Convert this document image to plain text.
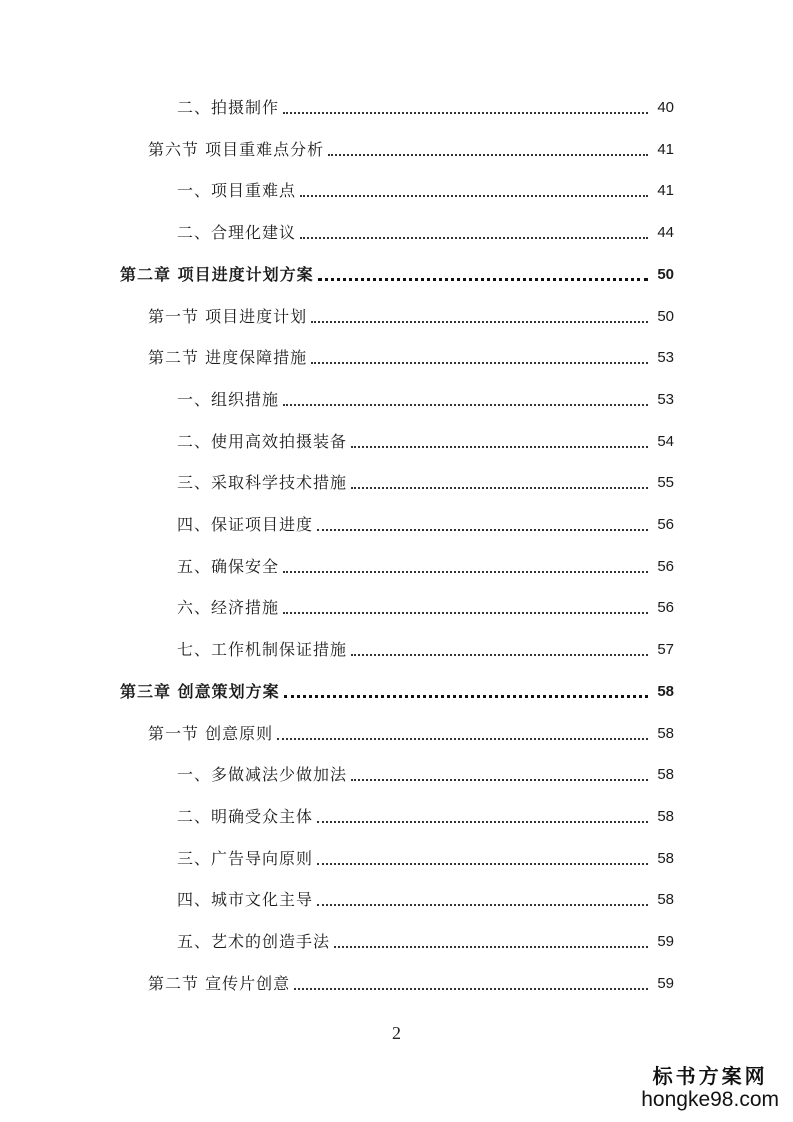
二、拍摄制作	40
第六节 项目重难点分析	41
一、项目重难点	41
二、合理化建议	44
第二章 项目进度计划方案	50
第一节 项目进度计划	50
第二节 进度保障措施	53
一、组织措施	53
二、使用高效拍摄装备	54
三、采取科学技术措施	55
四、保证项目进度	56
五、确保安全	56
六、经济措施	56
七、工作机制保证措施	57
第三章 创意策划方案	58
第一节 创意原则	58
一、多做减法少做加法	58
二、明确受众主体	58
三、广告导向原则	58
四、城市文化主导	58
五、艺术的创造手法	59
第二节 宣传片创意	59
2
标书方案网
hongke98.com
